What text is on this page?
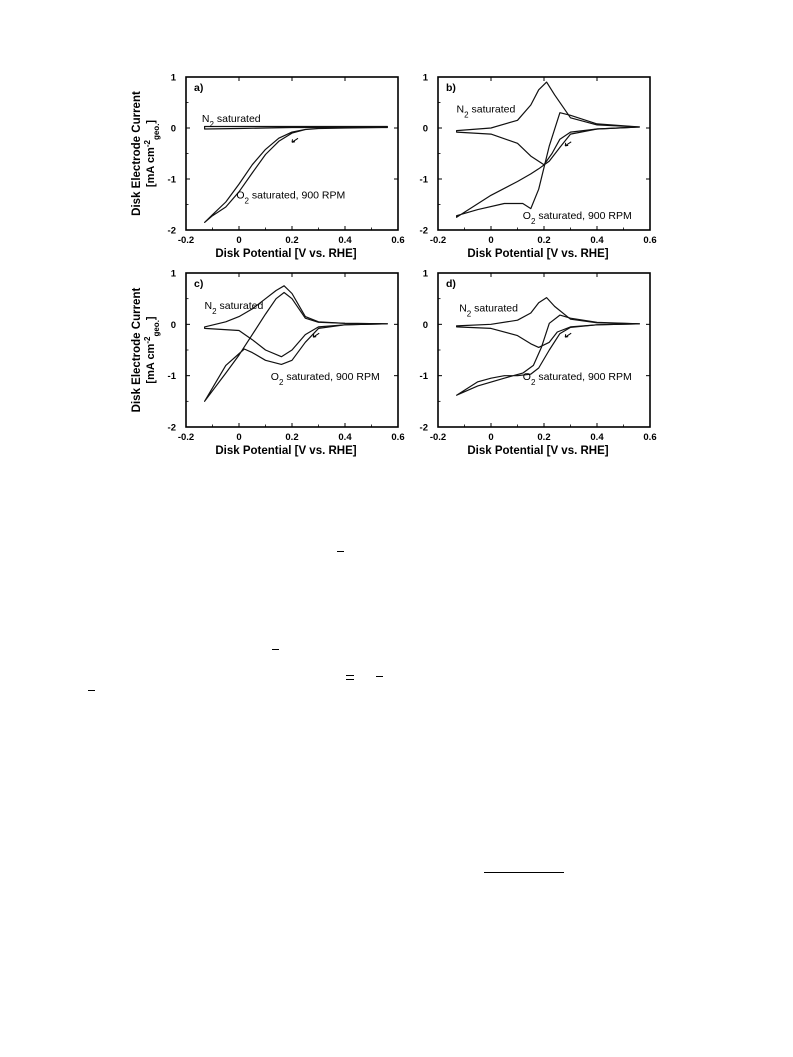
-0.2	0	0.2	0.4	0.6
1
0
-1
-2
Disk Potential [V vs. RHE]
Disk Electrode Current [mA $cm^{-2}_{geo.}$]
a)
$N_2$ saturated
$O_2$ saturated, 900 RPM
-0.2	0	0.2	0.4	0.6
1
0
-1
-2
Disk Potential [V vs. RHE]
b)
$N_2$ saturated
$O_2$ saturated, 900 RPM
-0.2	0	0.2	0.4	0.6
1
0
-1
-2
Disk Potential [V vs. RHE]
Disk Electrode Current [mA $cm^{-2}_{geo.}$]
c)
$N_2$ saturated
$O_2$ saturated, 900 RPM
-0.2	0	0.2	0.4	0.6
1
0
-1
-2
Disk Potential [V vs. RHE]
d)
$N_2$ saturated
$O_2$ saturated, 900 RPM
